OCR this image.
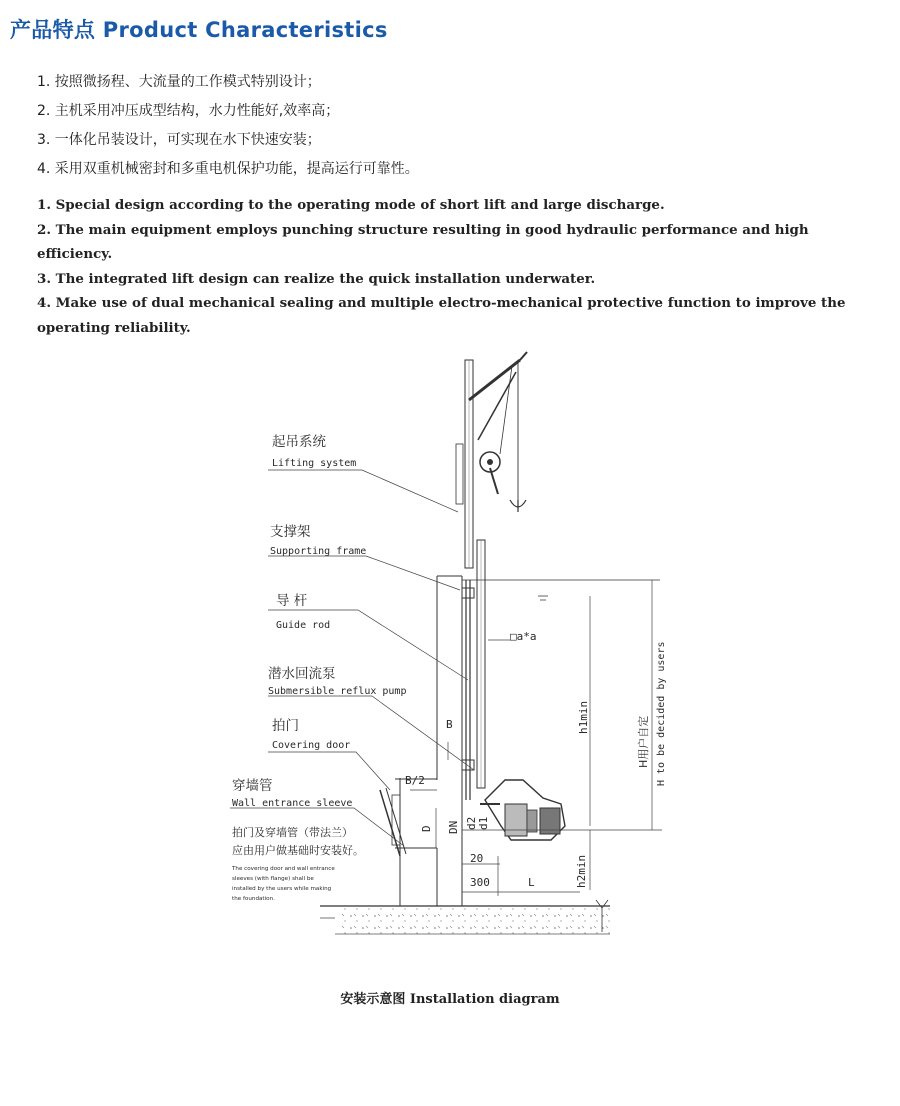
产品特点 Product Characteristics
1. 按照微扬程、大流量的工作模式特别设计；
2. 主机采用冲压成型结构，水力性能好,效率高；
3. 一体化吊装设计，可实现在水下快速安装；
4. 采用双重机械密封和多重电机保护功能，提高运行可靠性。
1. Special design according to the operating mode of short lift and large discharge.
2. The main equipment employs punching structure resulting in good hydraulic performance and high efficiency.
3. The integrated lift design can realize the quick installation underwater.
4. Make use of dual mechanical sealing and multiple electro-mechanical protective function to improve the operating reliability.
起吊系统
Lifting system
支撑架
Supporting frame
导 杆
Guide rod
潜水回流泵
Submersible reflux pump
拍门
Covering door
穿墙管
Wall entrance sleeve
拍门及穿墙管（带法兰）
应由用户做基础时安装好。
The covering door and wall entrance
sleeves (with flange) shall be
installed by the users while making
the foundation.
□a*a
h1min	H用户自定 H to be decided by users
B
B/2
D DN d2 d1
20
300	L	h2min
安装示意图 Installation diagram
